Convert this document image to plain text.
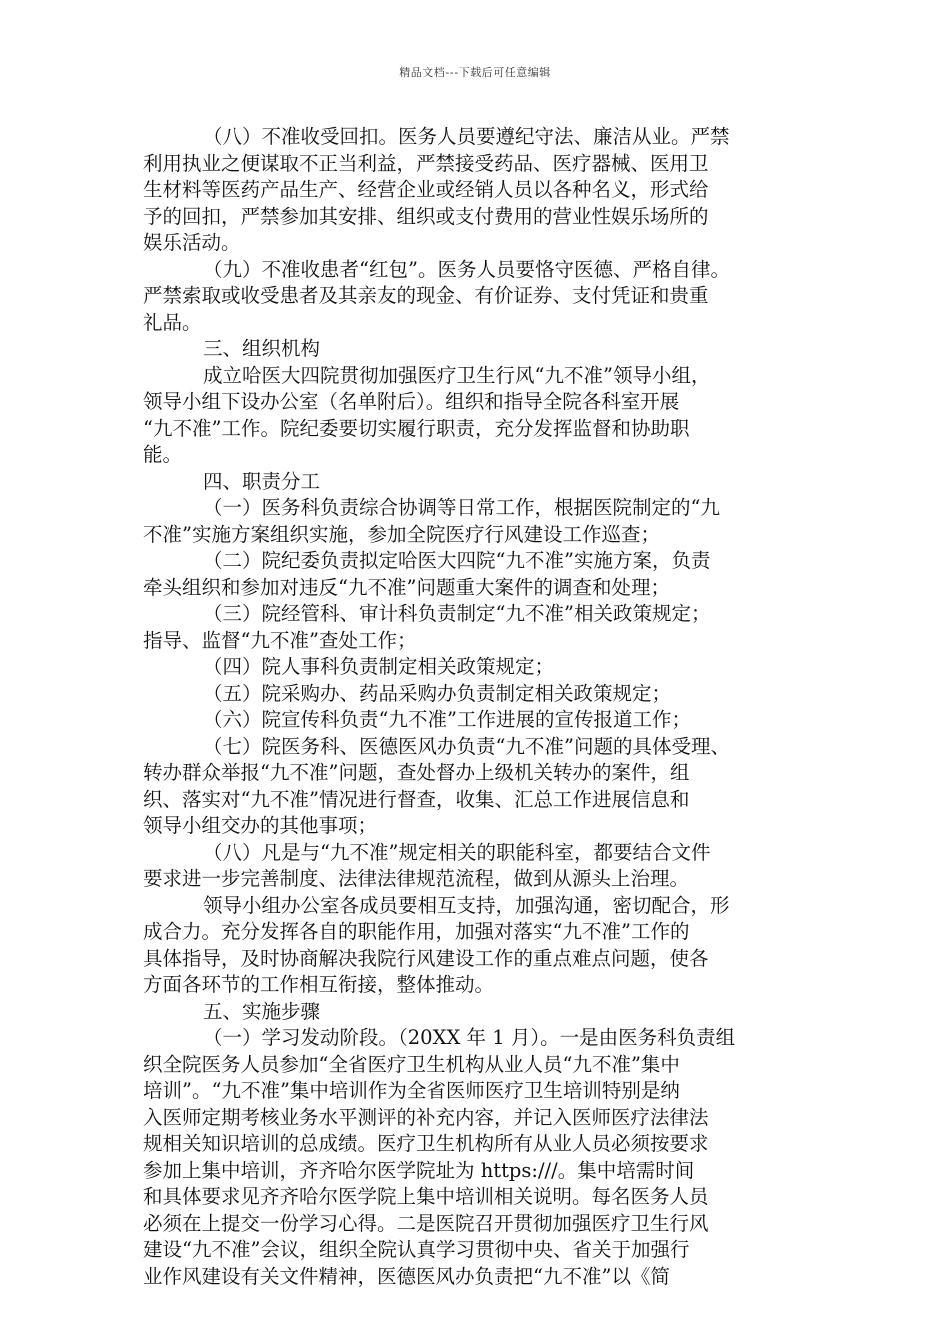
精品文档---下载后可任意编辑
（八）不准收受回扣。医务人员要遵纪守法、廉洁从业。严禁
利用执业之便谋取不正当利益，严禁接受药品、医疗器械、医用卫
生材料等医药产品生产、经营企业或经销人员以各种名义，形式给
予的回扣，严禁参加其安排、组织或支付费用的营业性娱乐场所的
娱乐活动。
（九）不准收患者“红包”。医务人员要恪守医德、严格自律。
严禁索取或收受患者及其亲友的现金、有价证券、支付凭证和贵重
礼品。
三、组织机构
成立哈医大四院贯彻加强医疗卫生行风“九不准”领导小组，
领导小组下设办公室（名单附后）。组织和指导全院各科室开展
“九不准”工作。院纪委要切实履行职责，充分发挥监督和协助职
能。
四、职责分工
（一）医务科负责综合协调等日常工作，根据医院制定的“九
不准”实施方案组织实施，参加全院医疗行风建设工作巡查；
（二）院纪委负责拟定哈医大四院“九不准”实施方案，负责
牵头组织和参加对违反“九不准”问题重大案件的调查和处理；
（三）院经管科、审计科负责制定“九不准”相关政策规定；
指导、监督“九不准”查处工作；
（四）院人事科负责制定相关政策规定；
（五）院采购办、药品采购办负责制定相关政策规定；
（六）院宣传科负责“九不准”工作进展的宣传报道工作；
（七）院医务科、医德医风办负责“九不准”问题的具体受理、
转办群众举报“九不准”问题，查处督办上级机关转办的案件，组
织、落实对“九不准”情况进行督查，收集、汇总工作进展信息和
领导小组交办的其他事项；
（八）凡是与“九不准”规定相关的职能科室，都要结合文件
要求进一步完善制度、法律法律规范流程，做到从源头上治理。
领导小组办公室各成员要相互支持，加强沟通，密切配合，形
成合力。充分发挥各自的职能作用，加强对落实“九不准”工作的
具体指导，及时协商解决我院行风建设工作的重点难点问题，使各
方面各环节的工作相互衔接，整体推动。
五、实施步骤
（一）学习发动阶段。（20XX 年 1 月）。一是由医务科负责组
织全院医务人员参加“全省医疗卫生机构从业人员“九不准”集中
培训”。“九不准”集中培训作为全省医师医疗卫生培训特别是纳
入医师定期考核业务水平测评的补充内容，并记入医师医疗法律法
规相关知识培训的总成绩。医疗卫生机构所有从业人员必须按要求
参加上集中培训，齐齐哈尔医学院址为 https:///。集中培需时间
和具体要求见齐齐哈尔医学院上集中培训相关说明。每名医务人员
必须在上提交一份学习心得。二是医院召开贯彻加强医疗卫生行风
建设“九不准”会议，组织全院认真学习贯彻中央、省关于加强行
业作风建设有关文件精神，医德医风办负责把“九不准”以《简
